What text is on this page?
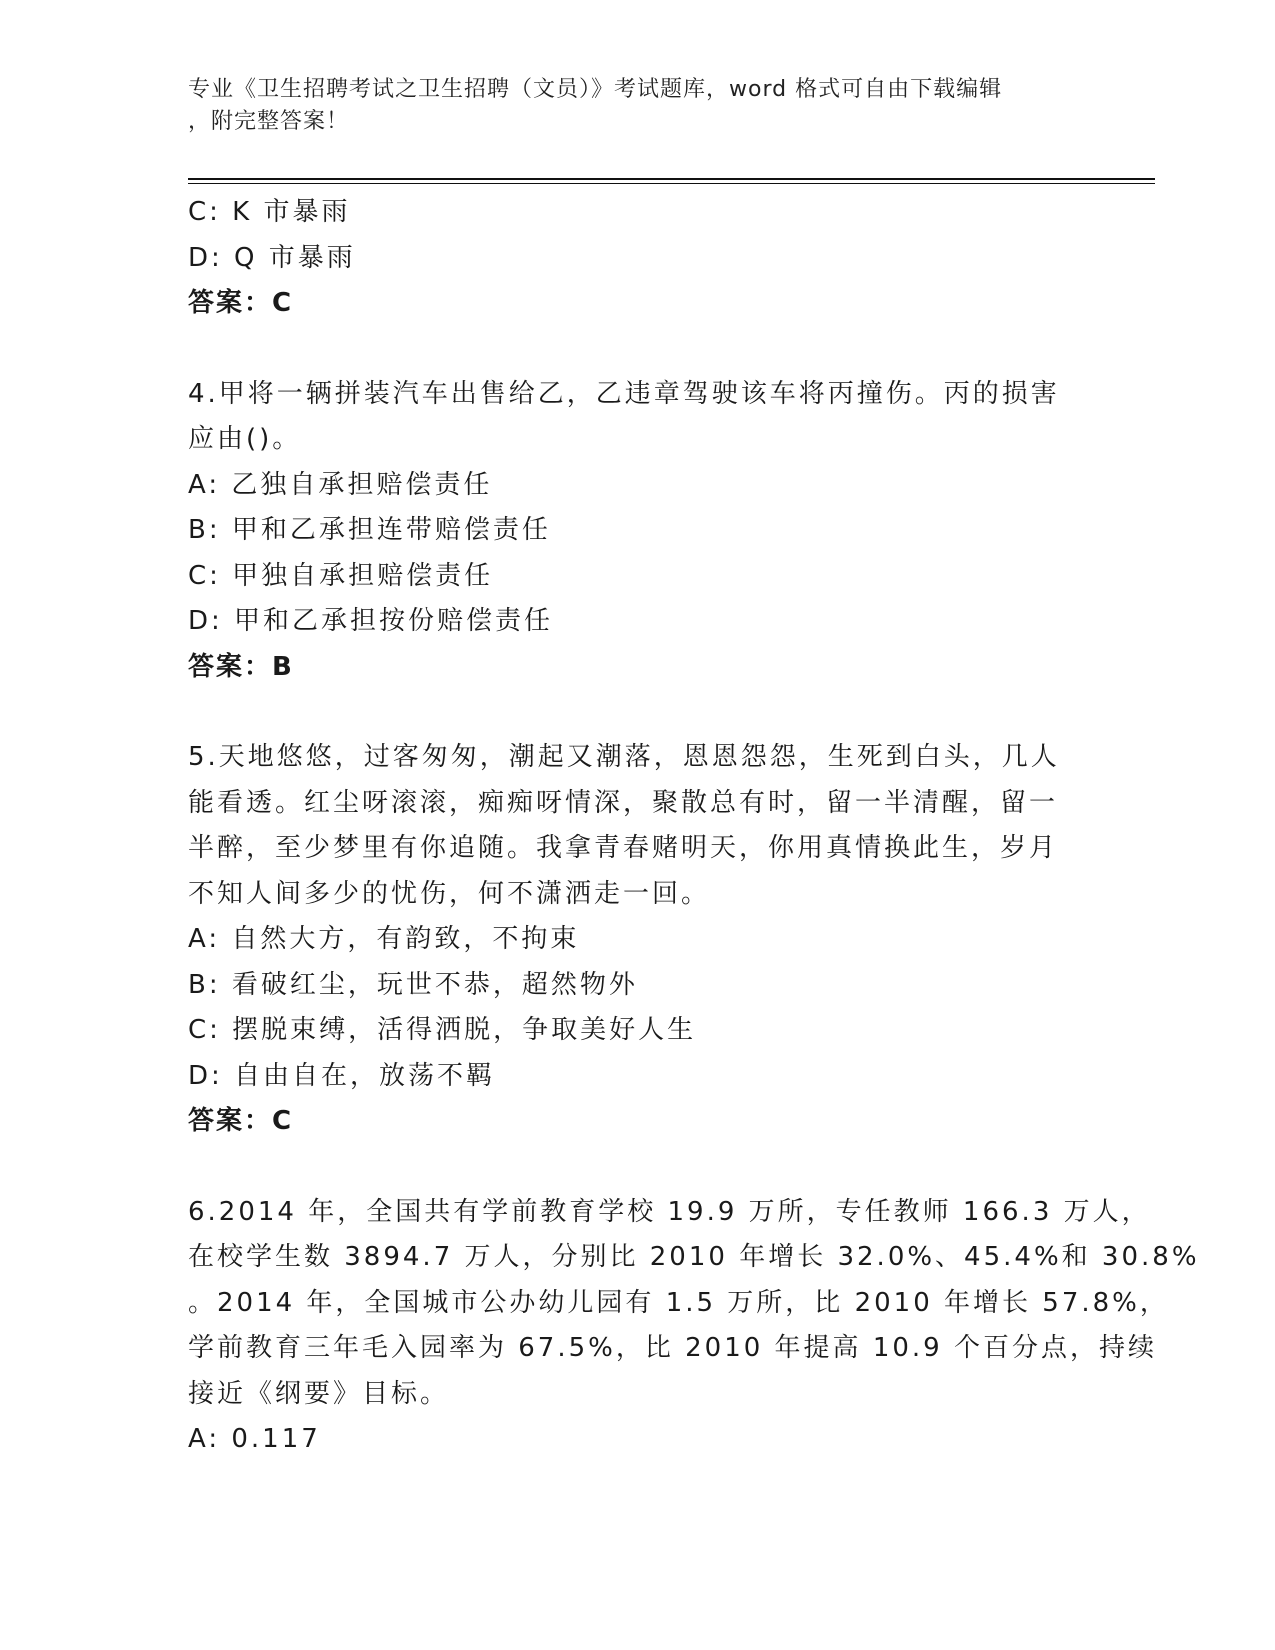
专业《卫生招聘考试之卫生招聘（文员）》考试题库，word 格式可自由下载编辑
，附完整答案！

C: K 市暴雨

D: Q 市暴雨

答案：C

4.甲将一辆拼装汽车出售给乙，乙违章驾驶该车将丙撞伤。丙的损害

应由()。

A: 乙独自承担赔偿责任

B: 甲和乙承担连带赔偿责任

C: 甲独自承担赔偿责任

D: 甲和乙承担按份赔偿责任

答案：B

5.天地悠悠，过客匆匆，潮起又潮落，恩恩怨怨，生死到白头，几人

能看透。红尘呀滚滚，痴痴呀情深，聚散总有时，留一半清醒，留一

半醉，至少梦里有你追随。我拿青春赌明天，你用真情换此生，岁月

不知人间多少的忧伤，何不潇洒走一回。

A: 自然大方，有韵致，不拘束

B: 看破红尘，玩世不恭，超然物外

C: 摆脱束缚，活得洒脱，争取美好人生

D: 自由自在，放荡不羁

答案：C

6.2014 年，全国共有学前教育学校 19.9 万所，专任教师 166.3 万人，

在校学生数 3894.7 万人，分别比 2010 年增长 32.0%、45.4%和 30.8%

。2014 年，全国城市公办幼儿园有 1.5 万所，比 2010 年增长 57.8%，

学前教育三年毛入园率为 67.5%，比 2010 年提高 10.9 个百分点，持续

接近《纲要》目标。

A: 0.117
